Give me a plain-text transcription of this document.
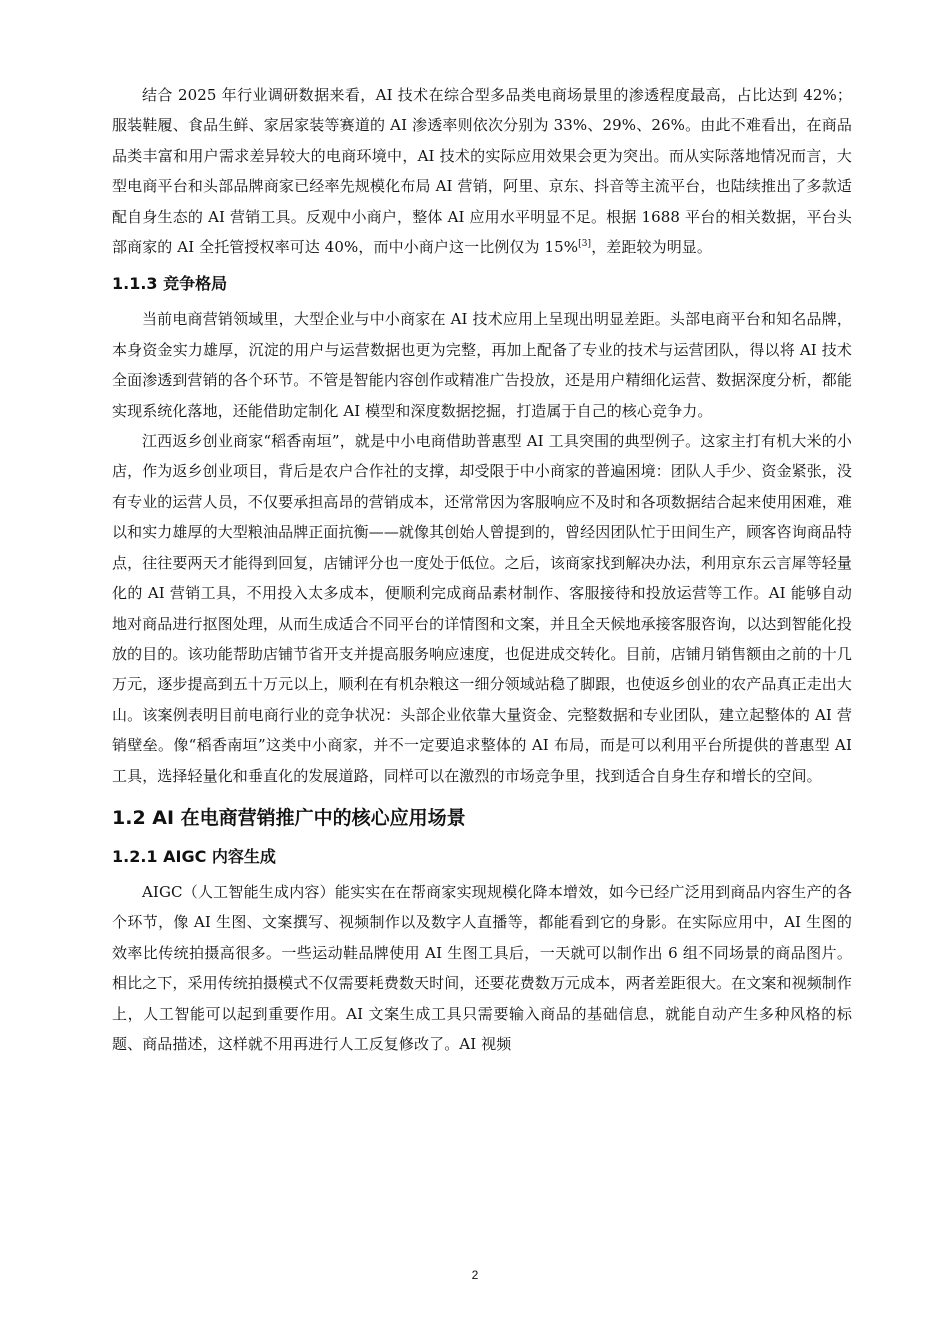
结合 2025 年行业调研数据来看，AI 技术在综合型多品类电商场景里的渗透程度最高，占比达到 42%；服装鞋履、食品生鲜、家居家装等赛道的 AI 渗透率则依次分别为 33%、29%、26%。由此不难看出，在商品品类丰富和用户需求差异较大的电商环境中，AI 技术的实际应用效果会更为突出。而从实际落地情况而言，大型电商平台和头部品牌商家已经率先规模化布局 AI 营销，阿里、京东、抖音等主流平台，也陆续推出了多款适配自身生态的 AI 营销工具。反观中小商户，整体 AI 应用水平明显不足。根据 1688 平台的相关数据，平台头部商家的 AI 全托管授权率可达 40%，而中小商户这一比例仅为 15%[3]，差距较为明显。

1.1.3 竞争格局

当前电商营销领域里，大型企业与中小商家在 AI 技术应用上呈现出明显差距。头部电商平台和知名品牌，本身资金实力雄厚，沉淀的用户与运营数据也更为完整，再加上配备了专业的技术与运营团队，得以将 AI 技术全面渗透到营销的各个环节。不管是智能内容创作或精准广告投放，还是用户精细化运营、数据深度分析，都能实现系统化落地，还能借助定制化 AI 模型和深度数据挖掘，打造属于自己的核心竞争力。

江西返乡创业商家“稻香南垣”，就是中小电商借助普惠型 AI 工具突围的典型例子。这家主打有机大米的小店，作为返乡创业项目，背后是农户合作社的支撑，却受限于中小商家的普遍困境：团队人手少、资金紧张，没有专业的运营人员，不仅要承担高昂的营销成本，还常常因为客服响应不及时和各项数据结合起来使用困难，难以和实力雄厚的大型粮油品牌正面抗衡——就像其创始人曾提到的，曾经因团队忙于田间生产，顾客咨询商品特点，往往要两天才能得到回复，店铺评分也一度处于低位。之后，该商家找到解决办法，利用京东云言犀等轻量化的 AI 营销工具，不用投入太多成本，便顺利完成商品素材制作、客服接待和投放运营等工作。AI 能够自动地对商品进行抠图处理，从而生成适合不同平台的详情图和文案，并且全天候地承接客服咨询，以达到智能化投放的目的。该功能帮助店铺节省开支并提高服务响应速度，也促进成交转化。目前，店铺月销售额由之前的十几万元，逐步提高到五十万元以上，顺利在有机杂粮这一细分领域站稳了脚跟，也使返乡创业的农产品真正走出大山。该案例表明目前电商行业的竞争状况：头部企业依靠大量资金、完整数据和专业团队，建立起整体的 AI 营销壁垒。像“稻香南垣”这类中小商家，并不一定要追求整体的 AI 布局，而是可以利用平台所提供的普惠型 AI 工具，选择轻量化和垂直化的发展道路，同样可以在激烈的市场竞争里，找到适合自身生存和增长的空间。

1.2 AI 在电商营销推广中的核心应用场景
1.2.1 AIGC 内容生成

AIGC（人工智能生成内容）能实实在在帮商家实现规模化降本增效，如今已经广泛用到商品内容生产的各个环节，像 AI 生图、文案撰写、视频制作以及数字人直播等，都能看到它的身影。在实际应用中，AI 生图的效率比传统拍摄高很多。一些运动鞋品牌使用 AI 生图工具后，一天就可以制作出 6 组不同场景的商品图片。相比之下，采用传统拍摄模式不仅需要耗费数天时间，还要花费数万元成本，两者差距很大。在文案和视频制作上，人工智能可以起到重要作用。AI 文案生成工具只需要输入商品的基础信息，就能自动产生多种风格的标题、商品描述，这样就不用再进行人工反复修改了。AI 视频

2
